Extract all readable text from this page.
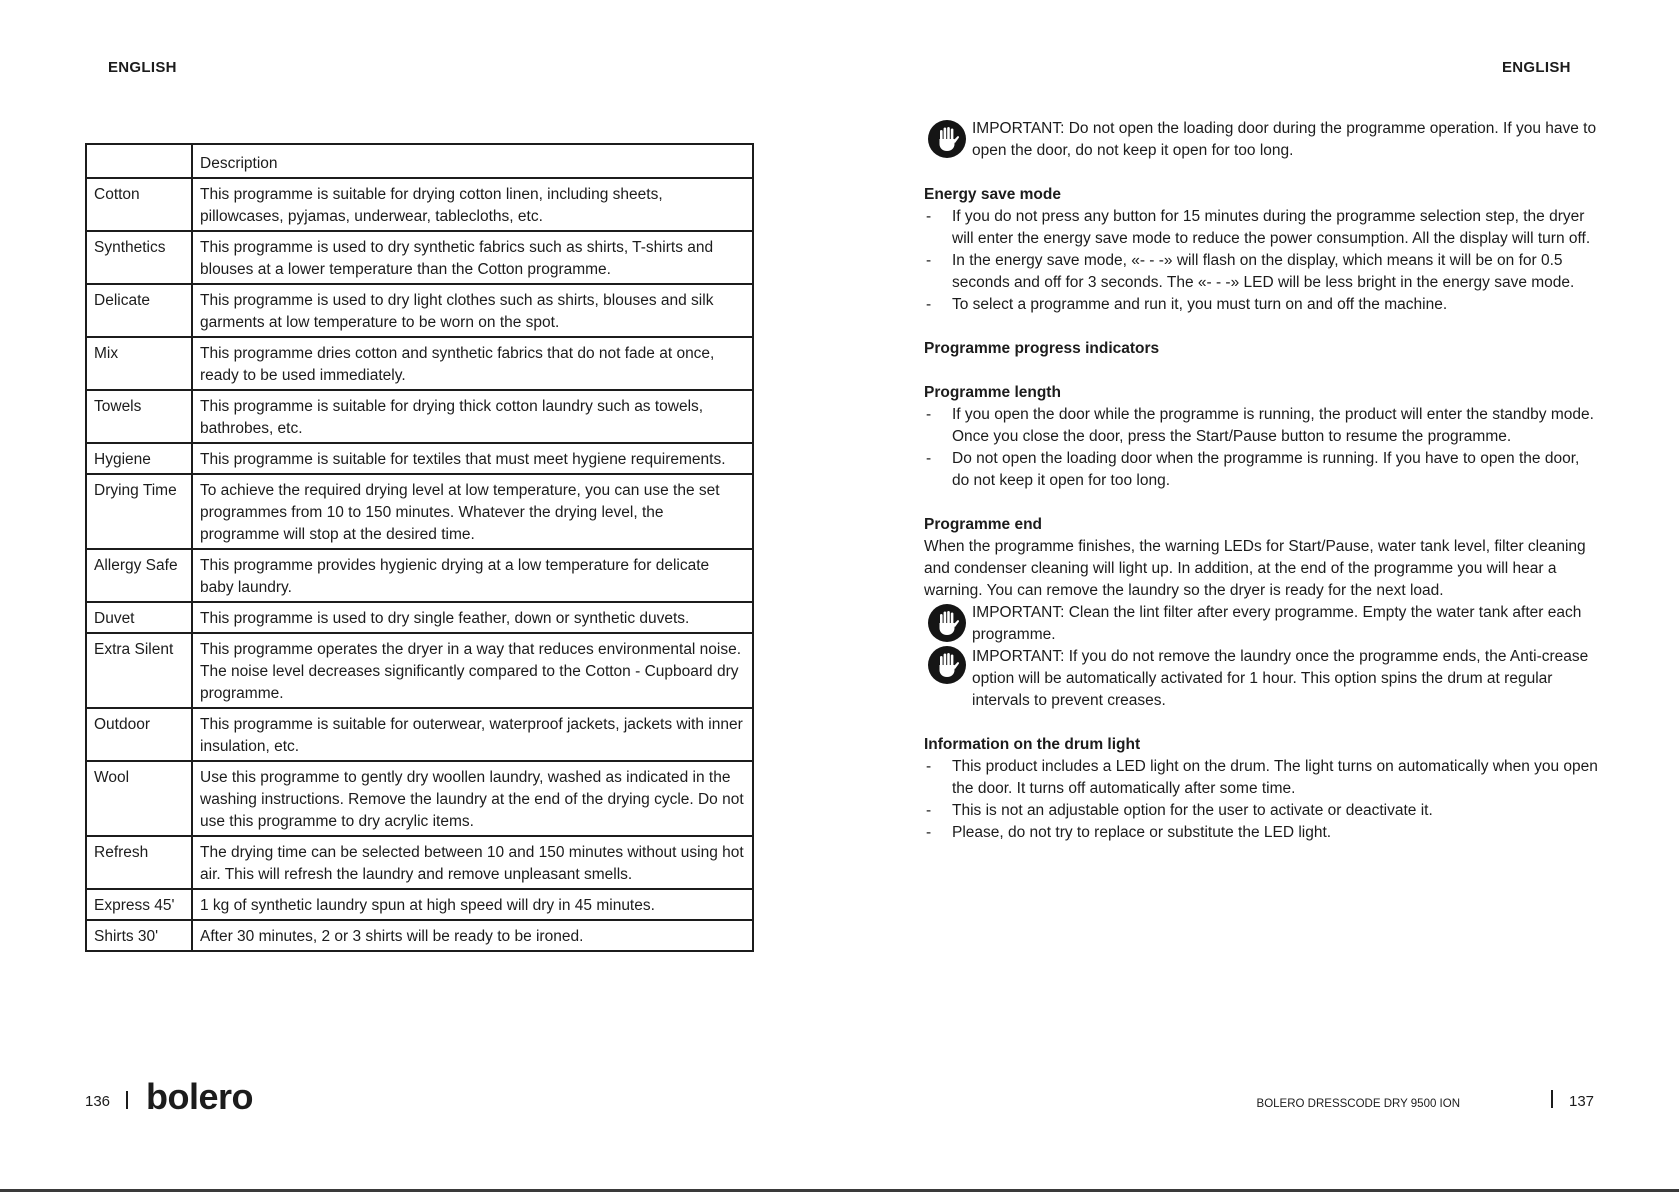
ENGLISH	ENGLISH
	Description
Cotton	This programme is suitable for drying cotton linen, including sheets, pillowcases, pyjamas, underwear, tablecloths, etc.
Synthetics	This programme is used to dry synthetic fabrics such as shirts, T-shirts and blouses at a lower temperature than the Cotton programme.
Delicate	This programme is used to dry light clothes such as shirts, blouses and silk garments at low temperature to be worn on the spot.
Mix	This programme dries cotton and synthetic fabrics that do not fade at once, ready to be used immediately.
Towels	This programme is suitable for drying thick cotton laundry such as towels, bathrobes, etc.
Hygiene	This programme is suitable for textiles that must meet hygiene requirements.
Drying Time	To achieve the required drying level at low temperature, you can use the set programmes from 10 to 150 minutes. Whatever the drying level, the programme will stop at the desired time.
Allergy Safe	This programme provides hygienic drying at a low temperature for delicate baby laundry.
Duvet	This programme is used to dry single feather, down or synthetic duvets.
Extra Silent	This programme operates the dryer in a way that reduces environmental noise. The noise level decreases significantly compared to the Cotton - Cupboard dry programme.
Outdoor	This programme is suitable for outerwear, waterproof jackets, jackets with inner insulation, etc.
Wool	Use this programme to gently dry woollen laundry, washed as indicated in the washing instructions. Remove the laundry at the end of the drying cycle. Do not use this programme to dry acrylic items.
Refresh	The drying time can be selected between 10 and 150 minutes without using hot air. This will refresh the laundry and remove unpleasant smells.
Express 45'	1 kg of synthetic laundry spun at high speed will dry in 45 minutes.
Shirts 30'	After 30 minutes, 2 or 3 shirts will be ready to be ironed.

IMPORTANT: Do not open the loading door during the programme operation. If you have to open the door, do not keep it open for too long.

Energy save mode
- If you do not press any button for 15 minutes during the programme selection step, the dryer will enter the energy save mode to reduce the power consumption. All the display will turn off.
- In the energy save mode, «- - -» will flash on the display, which means it will be on for 0.5 seconds and off for 3 seconds. The «- - -» LED will be less bright in the energy save mode.
- To select a programme and run it, you must turn on and off the machine.
Programme progress indicators
Programme length
- If you open the door while the programme is running, the product will enter the standby mode. Once you close the door, press the Start/Pause button to resume the programme.
- Do not open the loading door when the programme is running. If you have to open the door, do not keep it open for too long.
Programme end

When the programme finishes, the warning LEDs for Start/Pause, water tank level, filter cleaning and condenser cleaning will light up. In addition, at the end of the programme you will hear a warning. You can remove the laundry so the dryer is ready for the next load.

IMPORTANT: Clean the lint filter after every programme. Empty the water tank after each programme.

IMPORTANT: If you do not remove the laundry once the programme ends, the Anti-crease option will be automatically activated for 1 hour. This option spins the drum at regular intervals to prevent creases.

Information on the drum light
- This product includes a LED light on the drum. The light turns on automatically when you open the door. It turns off automatically after some time.
- This is not an adjustable option for the user to activate or deactivate it.
- Please, do not try to replace or substitute the LED light.
136 bolero	BOLERO DRESSCODE DRY 9500 ION	137
